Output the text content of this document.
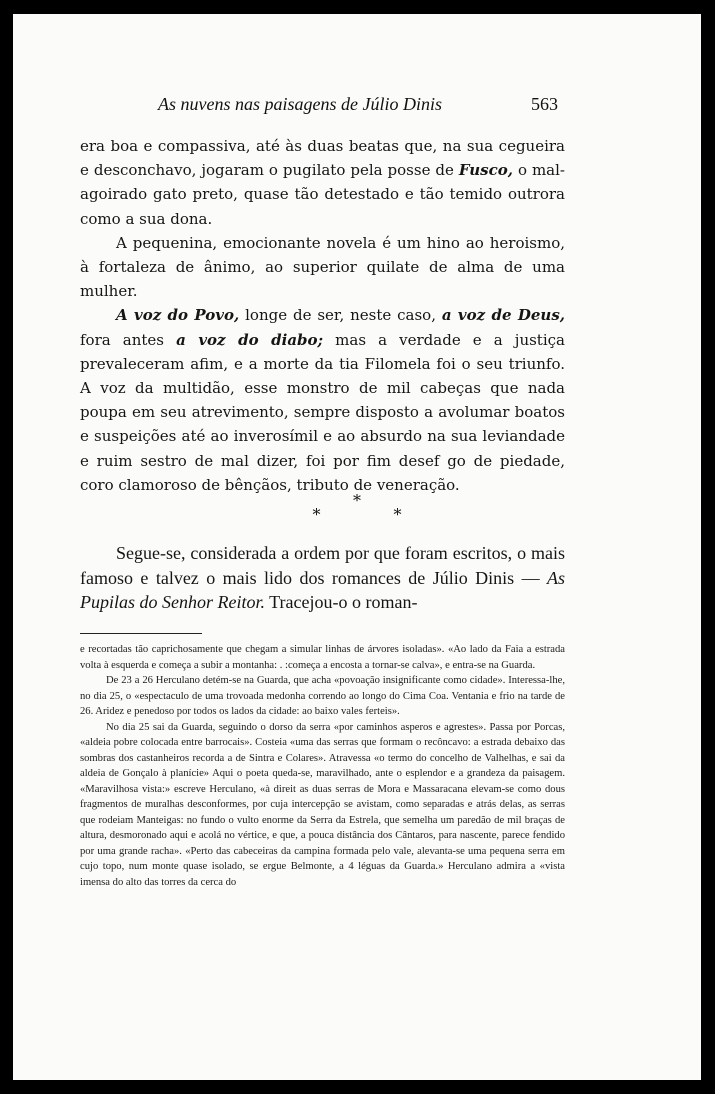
As nuvens nas paisagens de Júlio Dinis	563

era boa e compassiva, até às duas beatas que, na sua cegueira e desconchavo, jogaram o pugilato pela posse de Fusco, o mal-agoirado gato preto, quase tão detestado e tão temido outrora como a sua dona.

A pequenina, emocionante novela é um hino ao heroismo, à fortaleza de ânimo, ao superior quilate de alma de uma mulher.

A voz do Povo, longe de ser, neste caso, a voz de Deus, fora antes a voz do diabo; mas a verdade e a justiça prevaleceram afim, e a morte da tia Filomela foi o seu triunfo. A voz da multidão, esse monstro de mil cabeças que nada poupa em seu atrevimento, sempre disposto a avolumar boatos e suspeições até ao inverosímil e ao absurdo na sua leviandade e ruim sestro de mal dizer, foi por fim desef go de piedade, coro clamoroso de bênçãos, tributo de veneração.

*
* *

Segue-se, considerada a ordem por que foram escritos, o mais famoso e talvez o mais lido dos romances de Júlio Dinis — As Pupilas do Senhor Reitor. Tracejou-o o roman-

e recortadas tão caprichosamente que chegam a simular linhas de árvores isoladas». «Ao lado da Faia a estrada volta à esquerda e começa a subir a montanha: . :começa a encosta a tornar-se calva», e entra-se na Guarda.

De 23 a 26 Herculano detém-se na Guarda, que acha «povoação insignificante como cidade». Interessa-lhe, no dia 25, o «espectaculo de uma trovoada medonha correndo ao longo do Cima Coa. Ventania e frio na tarde de 26. Aridez e penedoso por todos os lados da cidade: ao baixo vales ferteis».

No dia 25 sai da Guarda, seguindo o dorso da serra «por caminhos asperos e agrestes». Passa por Porcas, «aldeia pobre colocada entre barrocais». Costeia «uma das serras que formam o recôncavo: a estrada debaixo das sombras dos castanheiros recorda a de Sintra e Colares». Atravessa «o termo do concelho de Valhelhas, e sai da aldeia de Gonçalo à planície» Aqui o poeta queda-se, maravilhado, ante o esplendor e a grandeza da paisagem. «Maravilhosa vista:» escreve Herculano, «à direit as duas serras de Mora e Massaracana elevam-se como dous fragmentos de muralhas desconformes, por cuja intercepção se avistam, como separadas e atrás delas, as serras que rodeiam Manteigas: no fundo o vulto enorme da Serra da Estrela, que semelha um paredão de mil braças de altura, desmoronado aqui e acolá no vértice, e que, a pouca distância dos Cântaros, para nascente, parece fendido por uma grande racha». «Perto das cabeceiras da campina formada pelo vale, alevanta-se uma pequena serra em cujo topo, num monte quase isolado, se ergue Belmonte, a 4 léguas da Guarda.» Herculano admira a «vista imensa do alto das torres da cerca do
